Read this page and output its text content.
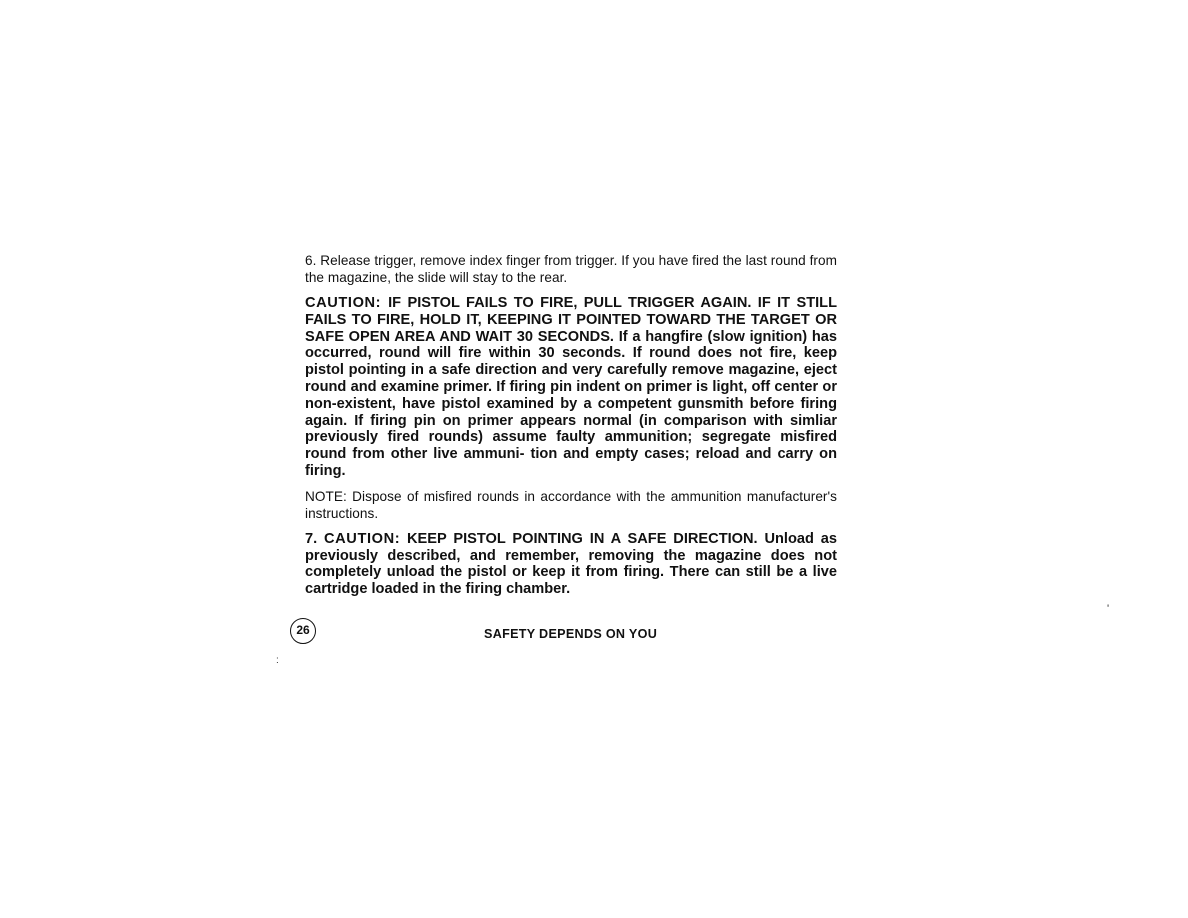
6. Release trigger, remove index finger from trigger. If you have fired the last round from the magazine, the slide will stay to the rear.

CAUTION: IF PISTOL FAILS TO FIRE, PULL TRIGGER AGAIN. IF IT STILL FAILS TO FIRE, HOLD IT, KEEPING IT POINTED TOWARD THE TARGET OR SAFE OPEN AREA AND WAIT 30 SECONDS. If a hangfire (slow ignition) has occurred, round will fire within 30 seconds. If round does not fire, keep pistol pointing in a safe direction and very carefully remove magazine, eject round and examine primer. If firing pin indent on primer is light, off center or non-existent, have pistol examined by a competent gunsmith before firing again. If firing pin on primer appears normal (in comparison with simliar previously fired rounds) assume faulty ammunition; segregate misfired round from other live ammuni- tion and empty cases; reload and carry on firing.

NOTE: Dispose of misfired rounds in accordance with the ammunition manufacturer's instructions.

7. CAUTION: KEEP PISTOL POINTING IN A SAFE DIRECTION. Unload as previously described, and remember, removing the magazine does not completely unload the pistol or keep it from firing. There can still be a live cartridge loaded in the firing chamber.

26	SAFETY DEPENDS ON YOU
:
'
